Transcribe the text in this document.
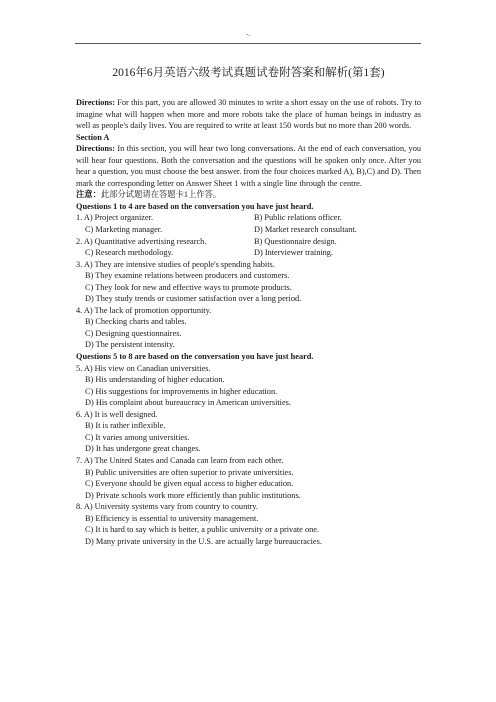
-.
2016年6月英语六级考试真题试卷附答案和解析(第1套)

Directions: For this part, you are allowed 30 minutes to write a short essay on the use of robots. Try to imagine what will happen when more and more robots take the place of human beings in industry as well as people's daily lives. You are required to write at least 150 words but no more than 200 words.

Section A

Directions: In this section, you will hear two long conversations. At the end of each conversation, you will hear four questions. Both the conversation and the questions will be spoken only once. After you hear a question, you must choose the best answer. from the four choices marked A), B),C) and D). Then mark the corresponding letter on Answer Sheet 1 with a single line through the centre.

注意：此部分试题请在答题卡1上作答。

Questions 1 to 4 are based on the conversation you have just heard.

1. A) Project organizer.	B) Public relations officer.
C) Marketing manager.	D) Market research consultant.
2. A) Quantitative advertising research.	B) Questionnaire design.
C) Research methodology.	D) Interviewer training.

3. A) They are intensive studies of people's spending habits.

B) They examine relations between producers and customers.

C) They look for new and effective ways to promote products.

D) They study trends or customer satisfaction over a long period.

4. A) The lack of promotion opportunity.

B) Checking charts and tables.

C) Designing questionnaires.

D) The persistent intensity.

Questions 5 to 8 are based on the conversation you have just heard.

5. A) His view on Canadian universities.

B) His understanding of higher education.

C) His suggestions for improvements in higher education.

D) His complaint about bureaucracy in American universities.

6. A) It is well designed.

B) It is rather inflexible.

C) It varies among universities.

D) It has undergone great changes.

7. A) The United States and Canada can learn from each other.

B) Public universities are often superior to private universities.

C) Everyone should be given equal access to higher education.

D) Private schools work more efficiently than public institutions.

8. A) University systems vary from country to country.

B) Efficiency is essential to university management.

C) It is hard to say which is better, a public university or a private one.

D) Many private university in the U.S. are actually large bureaucracies.
